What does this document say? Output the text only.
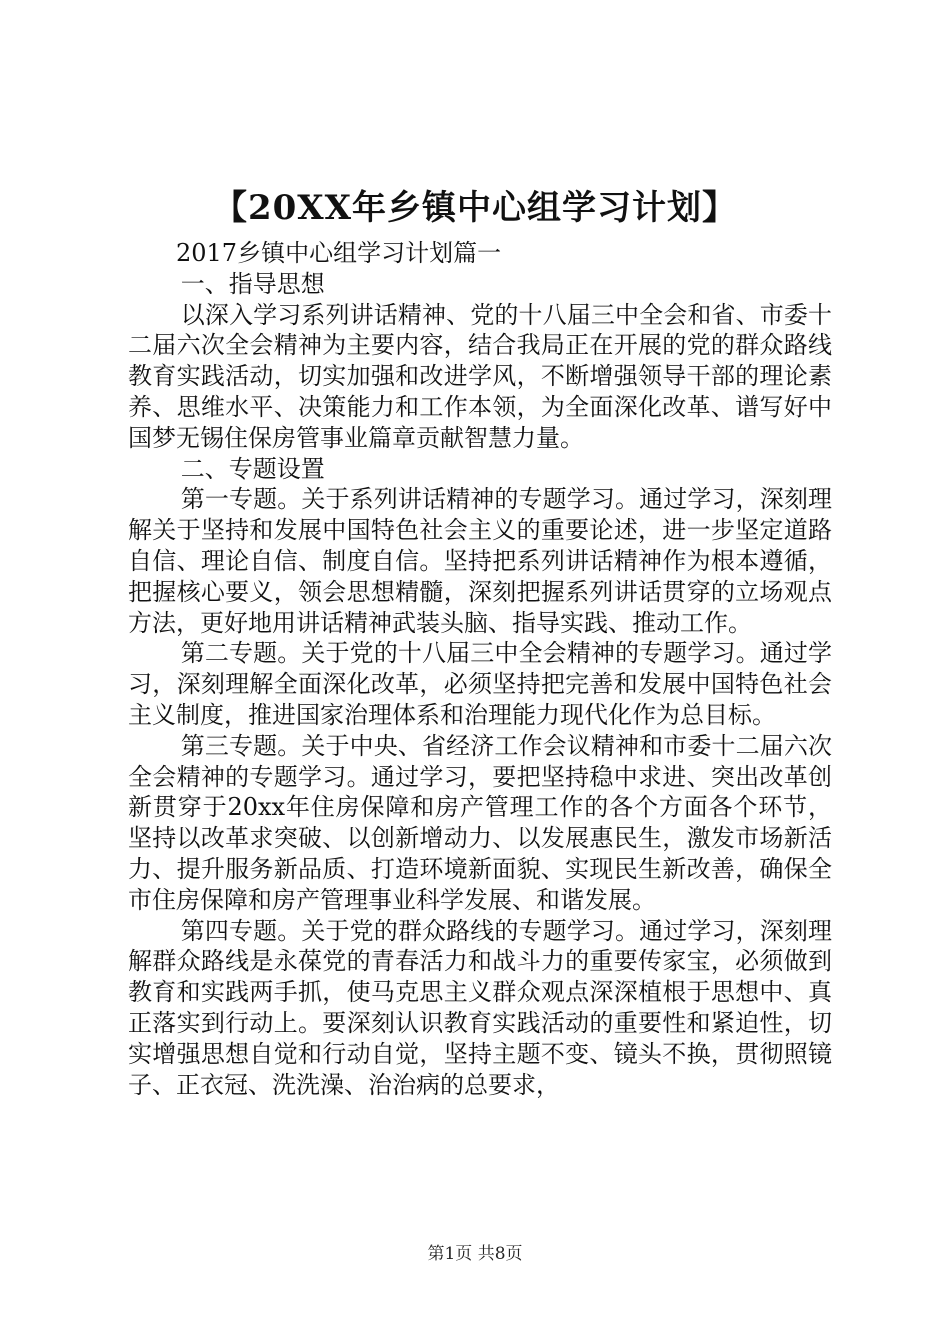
【20XX年乡镇中心组学习计划】

2017乡镇中心组学习计划篇一

一、指导思想

以深入学习系列讲话精神、党的十八届三中全会和省、市委十二届六次全会精神为主要内容，结合我局正在开展的党的群众路线教育实践活动，切实加强和改进学风，不断增强领导干部的理论素养、思维水平、决策能力和工作本领，为全面深化改革、谱写好中国梦无锡住保房管事业篇章贡献智慧力量。

二、专题设置

第一专题。关于系列讲话精神的专题学习。通过学习，深刻理解关于坚持和发展中国特色社会主义的重要论述，进一步坚定道路自信、理论自信、制度自信。坚持把系列讲话精神作为根本遵循，把握核心要义，领会思想精髓，深刻把握系列讲话贯穿的立场观点方法，更好地用讲话精神武装头脑、指导实践、推动工作。

第二专题。关于党的十八届三中全会精神的专题学习。通过学习，深刻理解全面深化改革，必须坚持把完善和发展中国特色社会主义制度，推进国家治理体系和治理能力现代化作为总目标。

第三专题。关于中央、省经济工作会议精神和市委十二届六次全会精神的专题学习。通过学习，要把坚持稳中求进、突出改革创新贯穿于20xx年住房保障和房产管理工作的各个方面各个环节，坚持以改革求突破、以创新增动力、以发展惠民生，激发市场新活力、提升服务新品质、打造环境新面貌、实现民生新改善，确保全市住房保障和房产管理事业科学发展、和谐发展。

第四专题。关于党的群众路线的专题学习。通过学习，深刻理解群众路线是永葆党的青春活力和战斗力的重要传家宝，必须做到教育和实践两手抓，使马克思主义群众观点深深植根于思想中、真正落实到行动上。要深刻认识教育实践活动的重要性和紧迫性，切实增强思想自觉和行动自觉，坚持主题不变、镜头不换，贯彻照镜子、正衣冠、洗洗澡、治治病的总要求，

第1页 共8页
